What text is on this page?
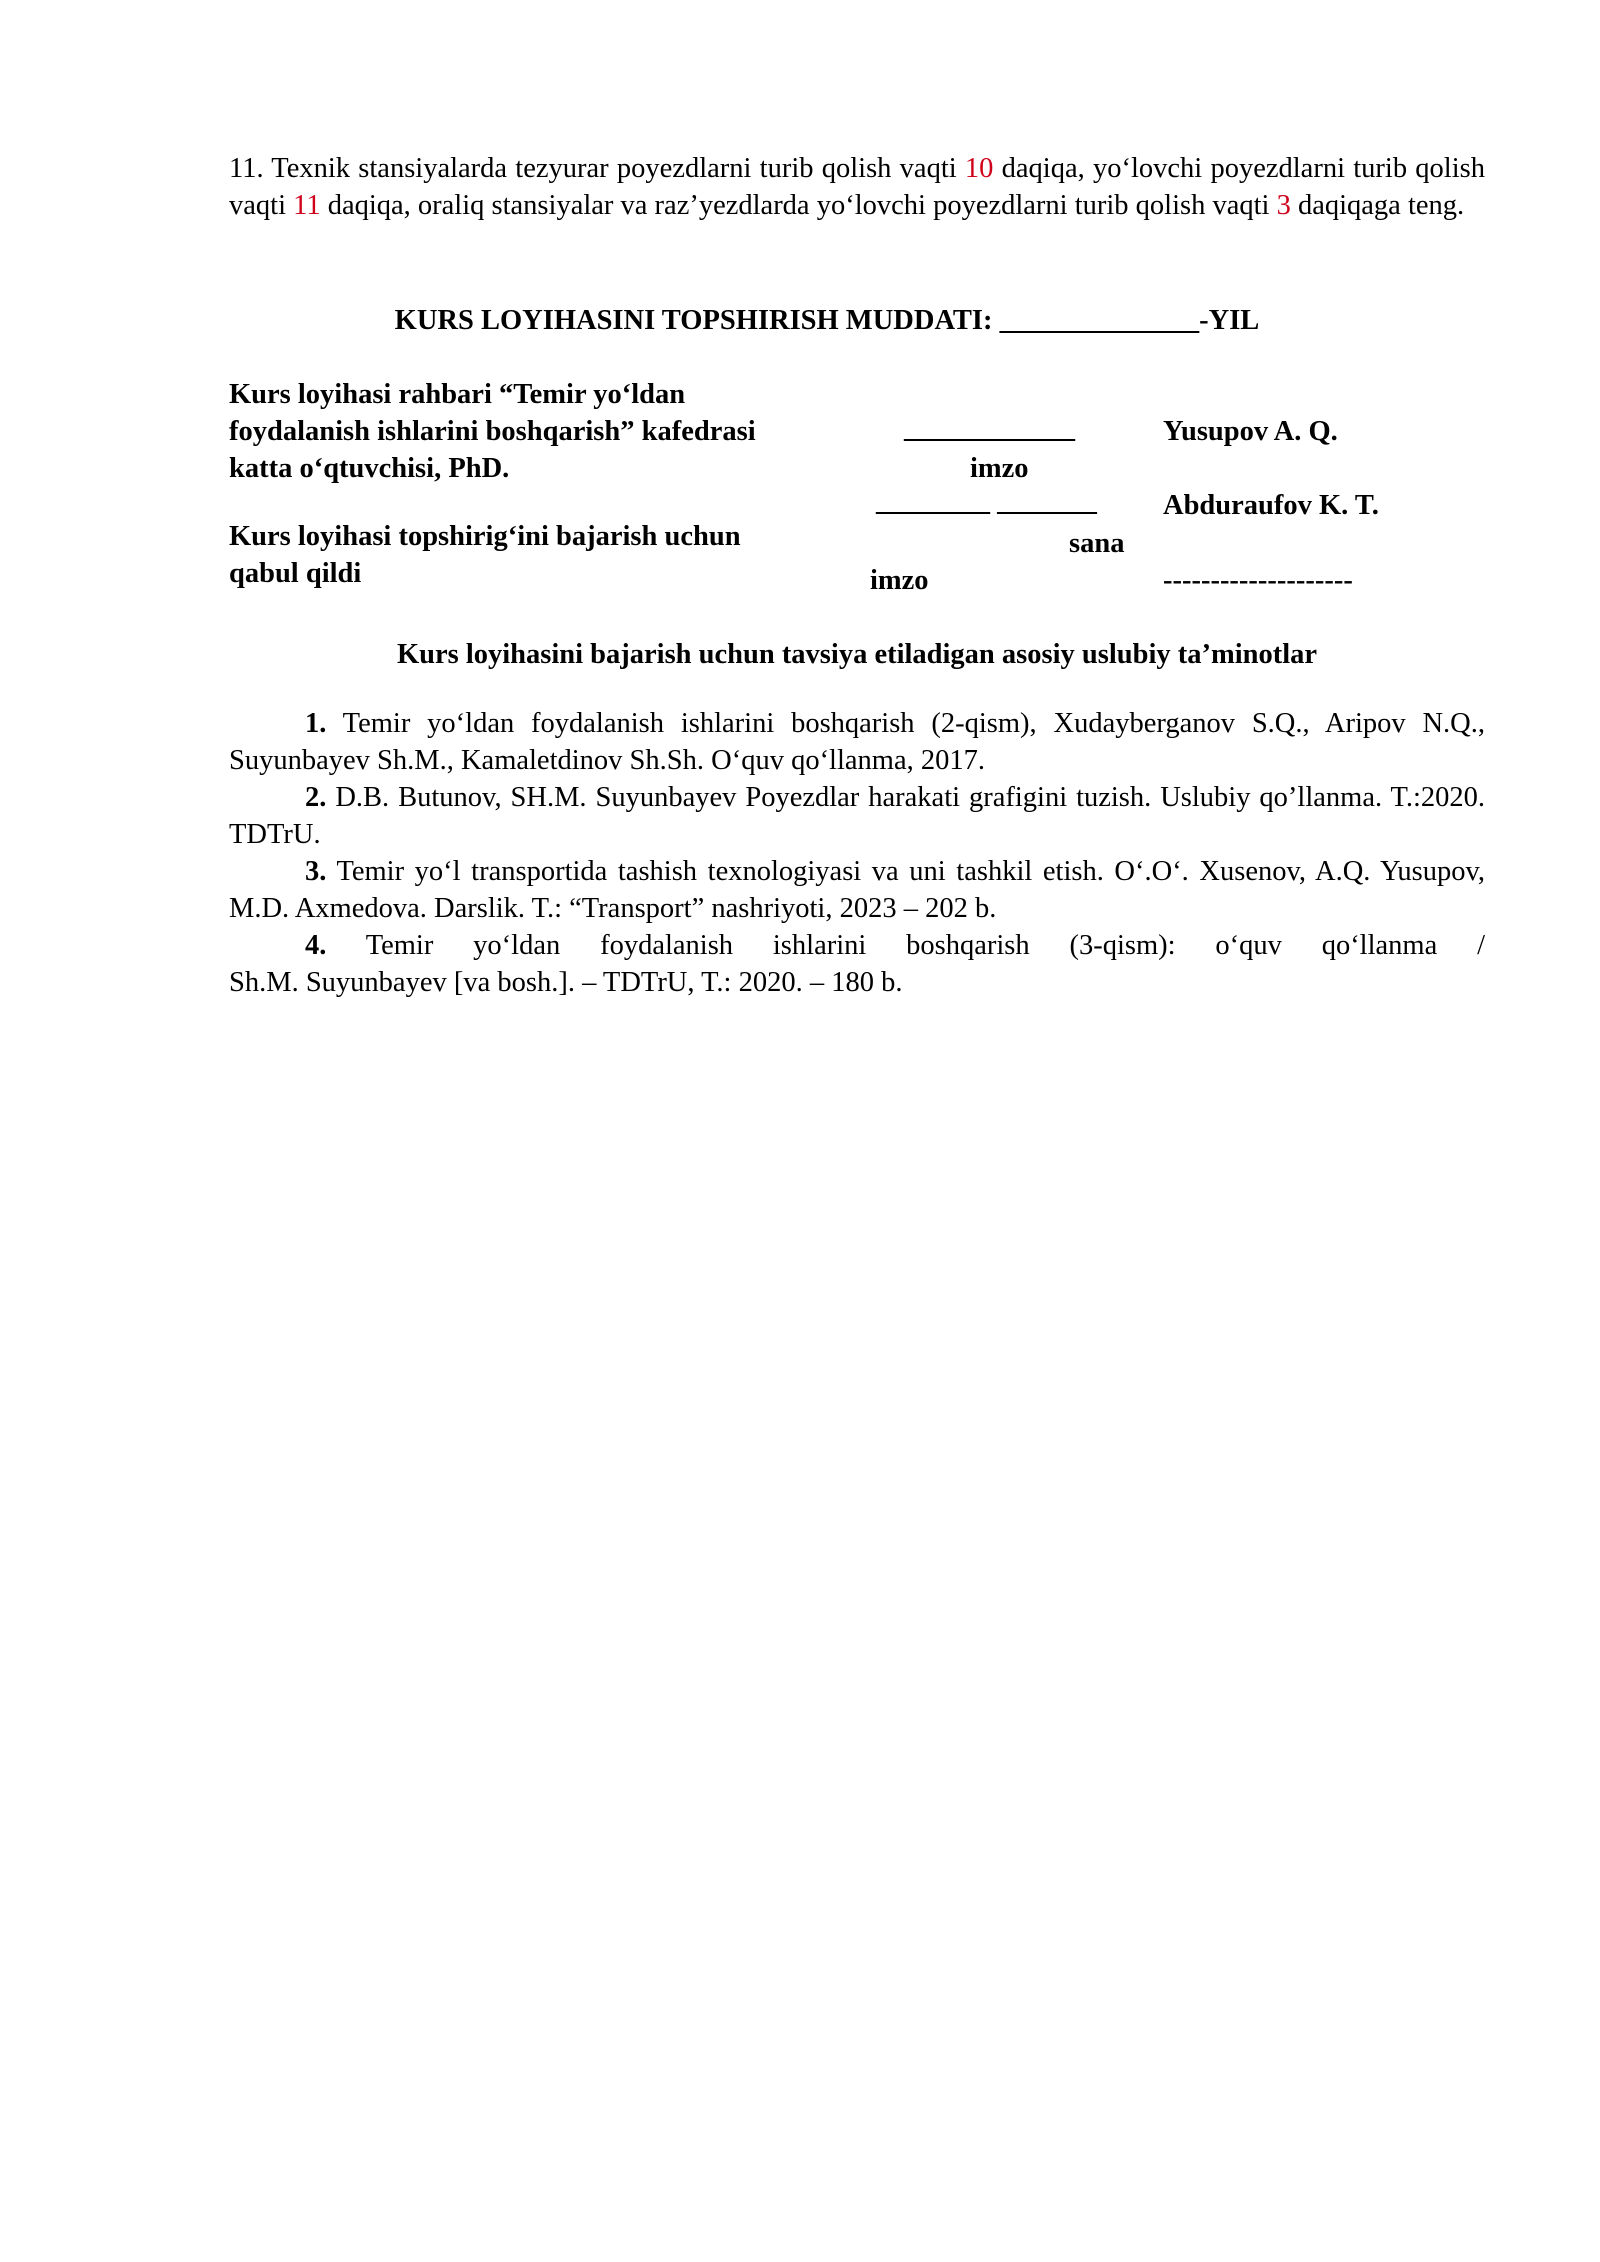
11. Texnik stansiyalarda tezyurar poyezdlarni turib qolish vaqti 10 daqiqa, yo‘lovchi poyezdlarni turib qolish vaqti 11 daqiqa, oraliq stansiyalar va raz’yezdlarda yo‘lovchi poyezdlarni turib qolish vaqti 3 daqiqaga teng.

KURS LOYIHASINI TOPSHIRISH MUDDATI: ______________-YIL
Kurs loyihasi rahbari “Temir yo‘ldan
foydalanish ishlarini boshqarish” kafedrasi
katta o‘qtuvchisi, PhD.
____________	Yusupov A. Q.
imzo
________ _______ Abduraufov K. T.
Kurs loyihasi topshirig‘ini bajarish uchun
qabul qildi
sana
imzo	--------------------
Kurs loyihasini bajarish uchun tavsiya etiladigan asosiy uslubiy ta’minotlar

1. Temir yo‘ldan foydalanish ishlarini boshqarish (2-qism), Xudayberganov S.Q., Aripov N.Q., Suyunbayev Sh.M., Kamaletdinov Sh.Sh. O‘quv qo‘llanma, 2017.

2. D.B. Butunov, SH.M. Suyunbayev Poyezdlar harakati grafigini tuzish. Uslubiy qo’llanma. T.:2020. TDTrU.

3. Temir yo‘l transportida tashish texnologiyasi va uni tashkil etish. O‘.O‘. Xusenov, A.Q. Yusupov, M.D. Axmedova. Darslik. T.: “Transport” nashriyoti, 2023 – 202 b.

4. Temir yo‘ldan foydalanish ishlarini boshqarish (3-qism): o‘quv qo‘llanma /

Sh.M. Suyunbayev [va bosh.]. – TDTrU, T.: 2020. – 180 b.
